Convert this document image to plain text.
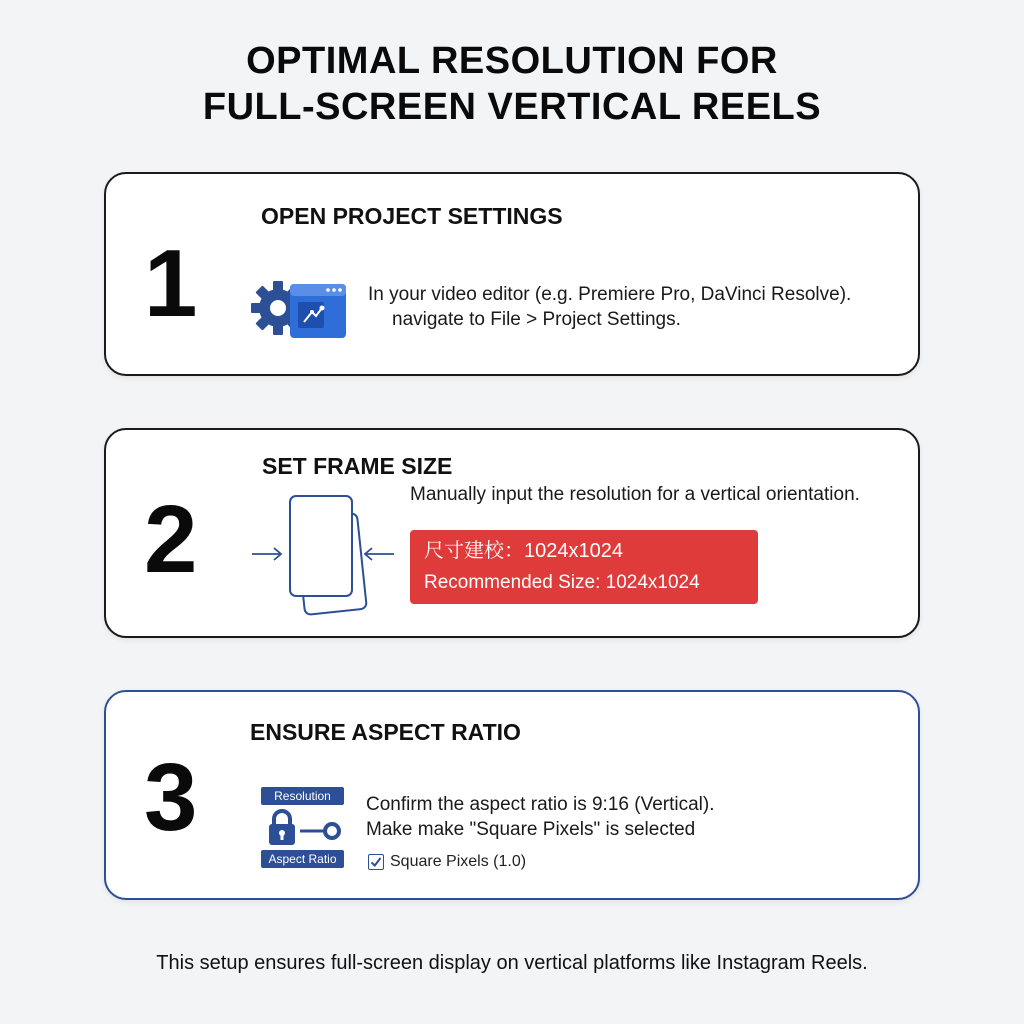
OPTIMAL RESOLUTION FOR
FULL-SCREEN VERTICAL REELS
1
OPEN PROJECT SETTINGS
In your video editor (e.g. Premiere Pro, DaVinci Resolve).
navigate to File > Project Settings.
2
SET FRAME SIZE
Manually input the resolution for a vertical orientation.
尺寸建校：1024x1024
Recommended Size: 1024x1024
3
ENSURE ASPECT RATIO
Resolution
Aspect Ratio
Confirm the aspect ratio is 9:16 (Vertical).
Make make "Square Pixels" is selected
Square Pixels (1.0)
This setup ensures full-screen display on vertical platforms like Instagram Reels.
